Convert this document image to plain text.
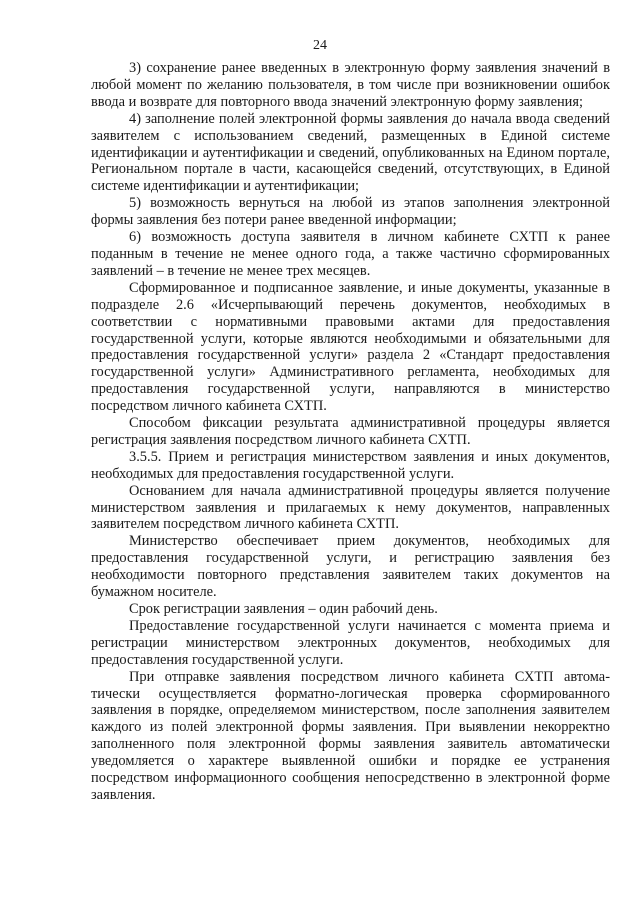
24

3) сохранение ранее введенных в электронную форму заявления значений в любой момент по желанию пользователя, в том числе при возникновении ошибок ввода и возврате для повторного ввода значений электронную форму заявления;

4) заполнение полей электронной формы заявления до начала ввода сведений заявителем с использованием сведений, размещенных в Единой системе идентификации и аутентификации и сведений, опубликованных на Едином портале, Региональном портале в части, касающейся сведений, отсутствующих, в Единой системе идентификации и аутентификации;

5) возможность вернуться на любой из этапов заполнения электронной формы заявления без потери ранее введенной информации;

6) возможность доступа заявителя в личном кабинете СХТП к ранее поданным в течение не менее одного года, а также частично сформированных заявлений – в течение не менее трех месяцев.

Сформированное и подписанное заявление, и иные документы, указанные в подразделе 2.6 «Исчерпывающий перечень документов, необходимых в соответствии с нормативными правовыми актами для предоставления государственной услуги, которые являются необходимыми и обязательными для предоставления государственной услуги» раздела 2 «Стандарт предоставления государственной услуги» Административного регламента, необходимых для предоставления государственной услуги, направляются в министерство посредством личного кабинета СХТП.

Способом фиксации результата административной процедуры является регистрация заявления посредством личного кабинета СХТП.

3.5.5. Прием и регистрация министерством заявления и иных документов, необходимых для предоставления государственной услуги.

Основанием для начала административной процедуры является получение министерством заявления и прилагаемых к нему документов, направленных заявителем посредством личного кабинета СХТП.

Министерство обеспечивает прием документов, необходимых для предоставления государственной услуги, и регистрацию заявления без необходимости повторного представления заявителем таких документов на бумажном носителе.

Срок регистрации заявления – один рабочий день.

Предоставление государственной услуги начинается с момента приема и регистрации министерством электронных документов, необходимых для предоставления государственной услуги.

При отправке заявления посредством личного кабинета СХТП автома-тически осуществляется форматно-логическая проверка сформированного заявления в порядке, определяемом министерством, после заполнения заявителем каждого из полей электронной формы заявления. При выявлении некорректно заполненного поля электронной формы заявления заявитель автоматически уведомляется о характере выявленной ошибки и порядке ее устранения посредством информационного сообщения непосредственно в электронной форме заявления.
